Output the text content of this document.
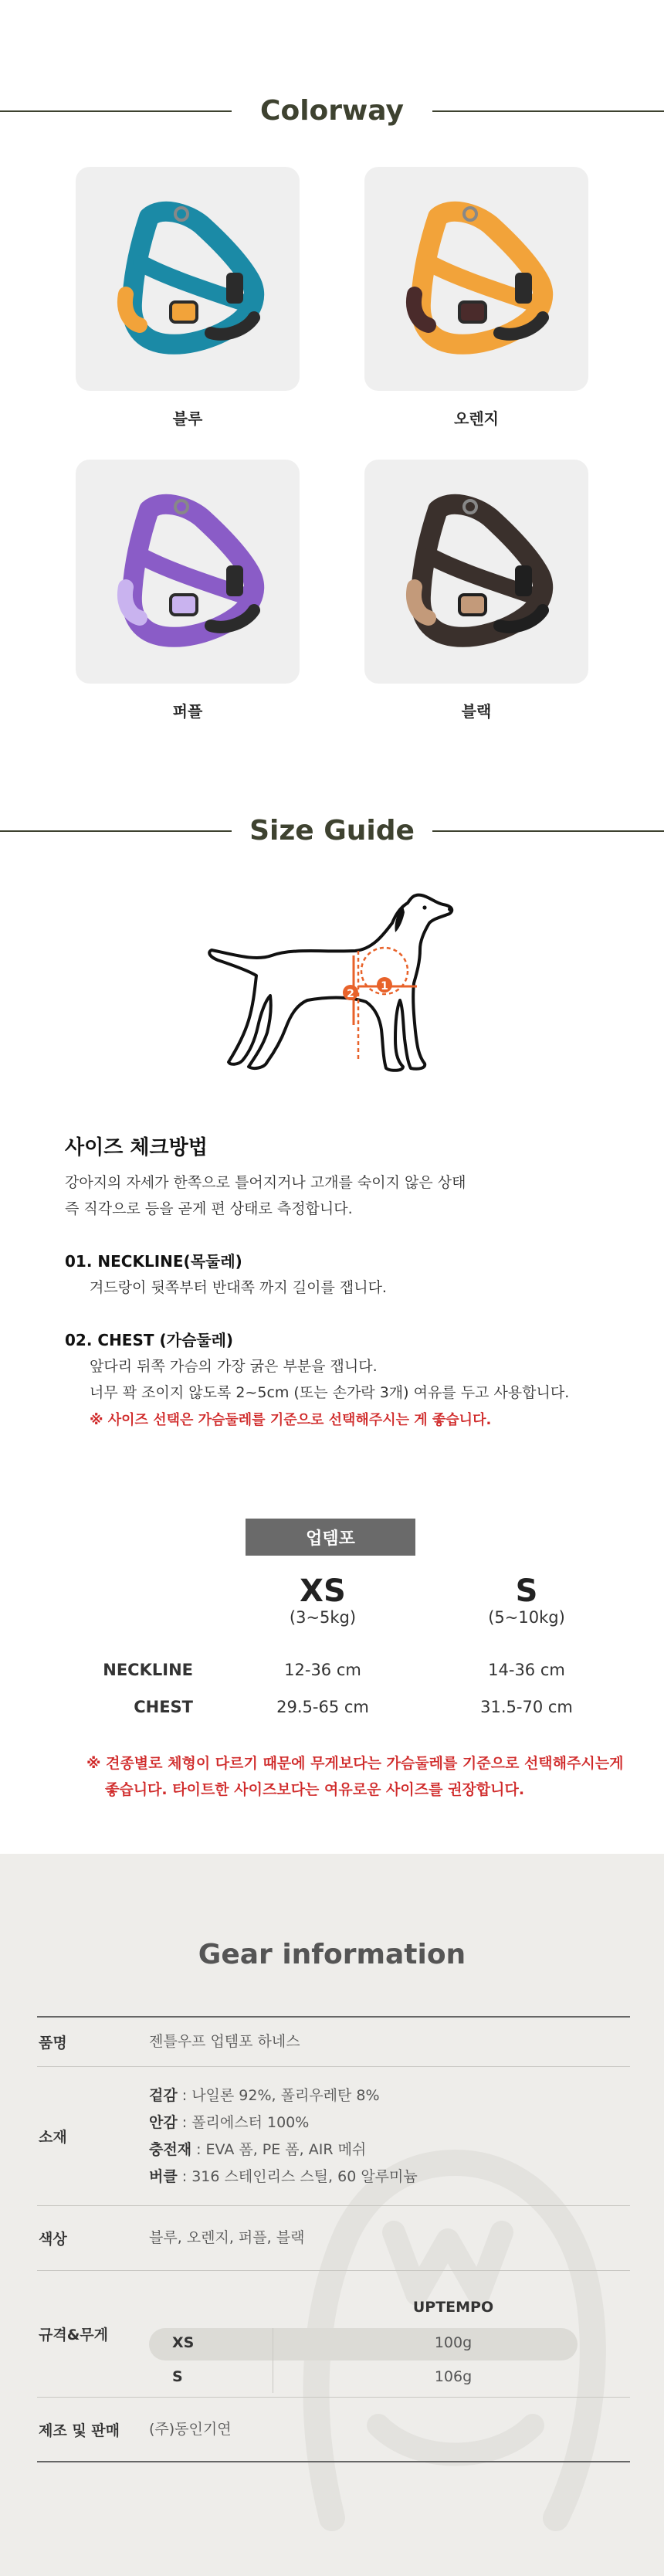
Colorway
블루	오렌지
퍼플	블랙
Size Guide
1
2
사이즈 체크방법

강아지의 자세가 한쪽으로 틀어지거나 고개를 숙이지 않은 상태

즉 직각으로 등을 곧게 편 상태로 측정합니다.

01. NECKLINE(목둘레)

겨드랑이 뒷쪽부터 반대쪽 까지 길이를 잽니다.

02. CHEST (가슴둘레)

앞다리 뒤쪽 가슴의 가장 굵은 부분을 잽니다.

너무 꽉 조이지 않도록 2~5cm (또는 손가락 3개) 여유를 두고 사용합니다.

※ 사이즈 선택은 가슴둘레를 기준으로 선택해주시는 게 좋습니다.

업템포
XS
(3~5kg)
S
(5~10kg)
NECKLINE	12-36 cm	14-36 cm
CHEST	29.5-65 cm	31.5-70 cm
※ 견종별로 체형이 다르기 때문에 무게보다는 가슴둘레를 기준으로 선택해주시는게
좋습니다. 타이트한 사이즈보다는 여유로운 사이즈를 권장합니다.
Gear information
품명	젠틀우프 업템포 하네스
소재
겉감 : 나일론 92%, 폴리우레탄 8%
안감 : 폴리에스터 100%
충전재 : EVA 폼, PE 폼, AIR 메쉬
버클 : 316 스테인리스 스틸, 60 알루미늄
색상	블루, 오렌지, 퍼플, 블랙
규격&무게
UPTEMPO
XS	100g
S	106g
제조 및 판매	(주)동인기연
